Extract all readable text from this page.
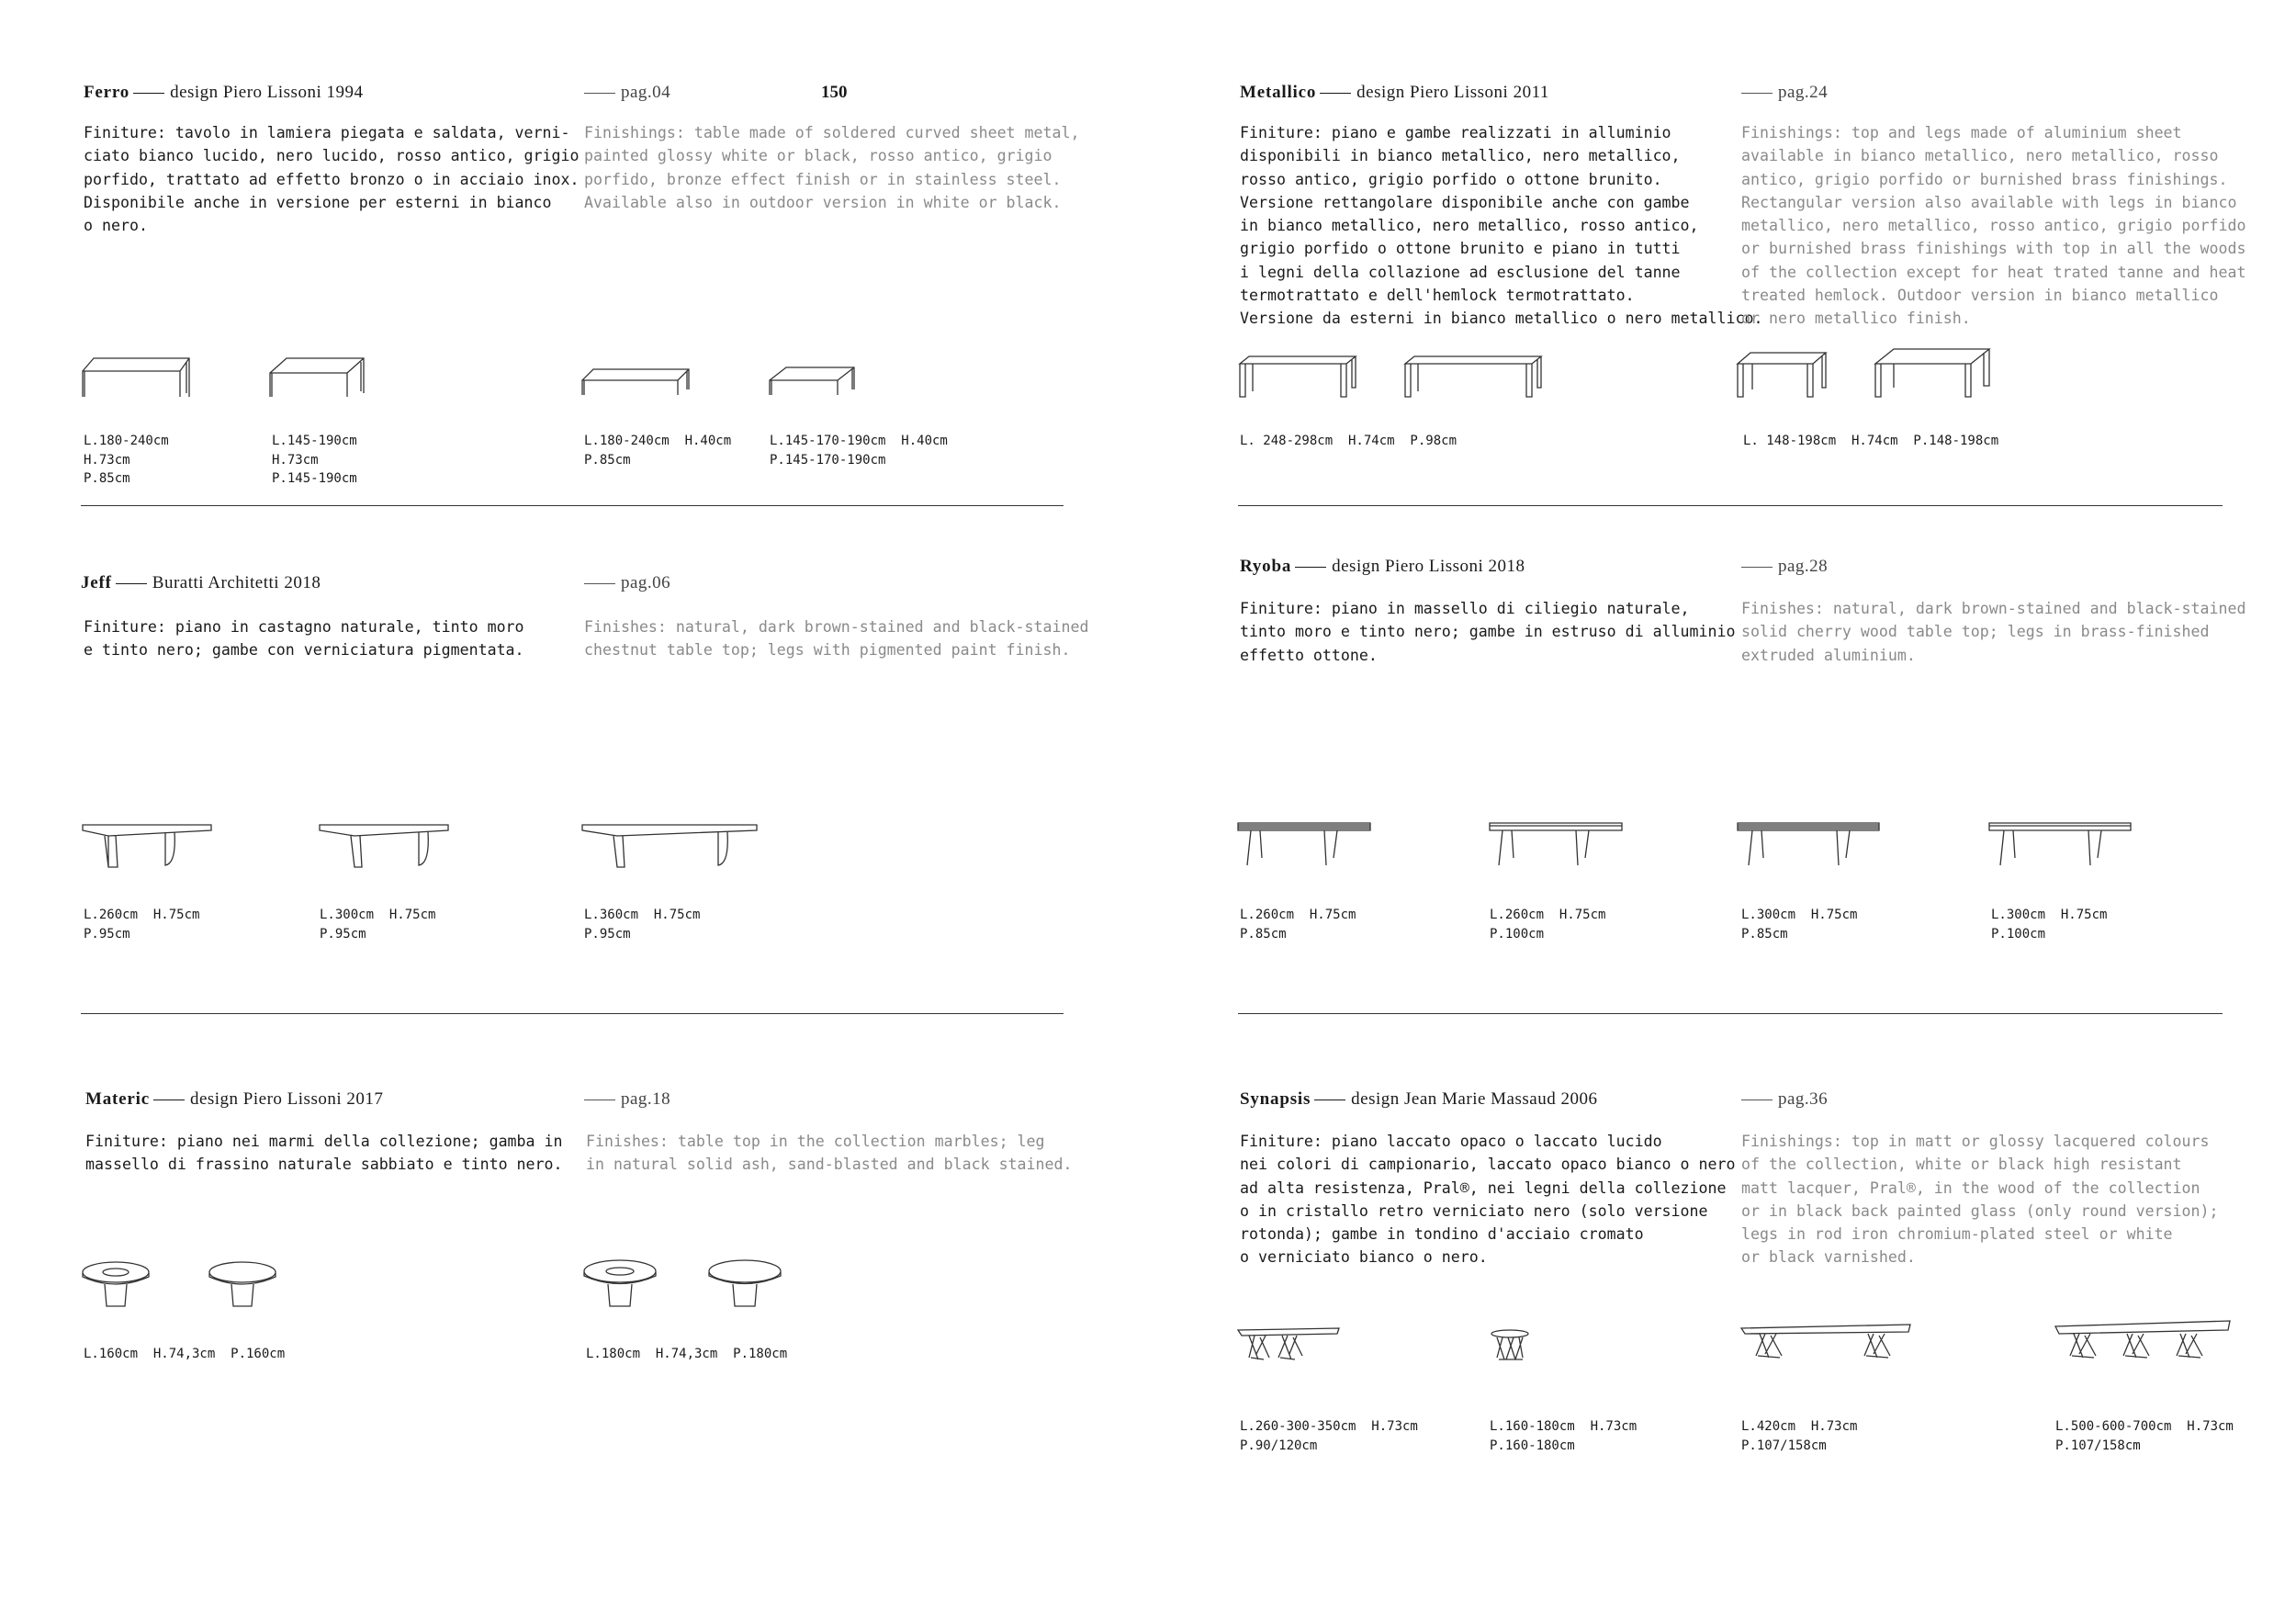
Ferro design Piero Lissoni 1994	pag.04	150
Finiture: tavolo in lamiera piegata e saldata, verni-
ciato bianco lucido, nero lucido, rosso antico, grigio
porfido, trattato ad effetto bronzo o in acciaio inox.
Disponibile anche in versione per esterni in bianco
o nero.
Finishings: table made of soldered curved sheet metal,
painted glossy white or black, rosso antico, grigio
porfido, bronze effect finish or in stainless steel.
Available also in outdoor version in white or black.
L.180-240cm
H.73cm
P.85cm
L.145-190cm
H.73cm
P.145-190cm
L.180-240cm  H.40cm
P.85cm
L.145-170-190cm  H.40cm
P.145-170-190cm
Jeff Buratti Architetti 2018	pag.06
Finiture: piano in castagno naturale, tinto moro
e tinto nero; gambe con verniciatura pigmentata.
Finishes: natural, dark brown-stained and black-stained
chestnut table top; legs with pigmented paint finish.
L.260cm  H.75cm
P.95cm
L.300cm  H.75cm
P.95cm
L.360cm  H.75cm
P.95cm
Materic design Piero Lissoni 2017	pag.18
Finiture: piano nei marmi della collezione; gamba in
massello di frassino naturale sabbiato e tinto nero.
Finishes: table top in the collection marbles; leg
in natural solid ash, sand-blasted and black stained.
L.160cm  H.74,3cm  P.160cm	L.180cm  H.74,3cm  P.180cm
Metallico design Piero Lissoni 2011	pag.24
Finiture: piano e gambe realizzati in alluminio
disponibili in bianco metallico, nero metallico,
rosso antico, grigio porfido o ottone brunito.
Versione rettangolare disponibile anche con gambe
in bianco metallico, nero metallico, rosso antico,
grigio porfido o ottone brunito e piano in tutti
i legni della collazione ad esclusione del tanne
termotrattato e dell'hemlock termotrattato.
Versione da esterni in bianco metallico o nero metallico.
Finishings: top and legs made of aluminium sheet
available in bianco metallico, nero metallico, rosso
antico, grigio porfido or burnished brass finishings.
Rectangular version also available with legs in bianco
metallico, nero metallico, rosso antico, grigio porfido
or burnished brass finishings with top in all the woods
of the collection except for heat trated tanne and heat
treated hemlock. Outdoor version in bianco metallico
or nero metallico finish.
L. 248-298cm  H.74cm  P.98cm	L. 148-198cm  H.74cm  P.148-198cm
Ryoba design Piero Lissoni 2018	pag.28
Finiture: piano in massello di ciliegio naturale,
tinto moro e tinto nero; gambe in estruso di alluminio
effetto ottone.
Finishes: natural, dark brown-stained and black-stained
solid cherry wood table top; legs in brass-finished
extruded aluminium.
L.260cm  H.75cm
P.85cm
L.260cm  H.75cm
P.100cm
L.300cm  H.75cm
P.85cm
L.300cm  H.75cm
P.100cm
Synapsis design Jean Marie Massaud 2006	pag.36
Finiture: piano laccato opaco o laccato lucido
nei colori di campionario, laccato opaco bianco o nero
ad alta resistenza, Pral®, nei legni della collezione
o in cristallo retro verniciato nero (solo versione
rotonda); gambe in tondino d'acciaio cromato
o verniciato bianco o nero.
Finishings: top in matt or glossy lacquered colours
of the collection, white or black high resistant
matt lacquer, Pral®, in the wood of the collection
or in black back painted glass (only round version);
legs in rod iron chromium-plated steel or white
or black varnished.
L.260-300-350cm  H.73cm
P.90/120cm
L.160-180cm  H.73cm
P.160-180cm
L.420cm  H.73cm
P.107/158cm
L.500-600-700cm  H.73cm
P.107/158cm
